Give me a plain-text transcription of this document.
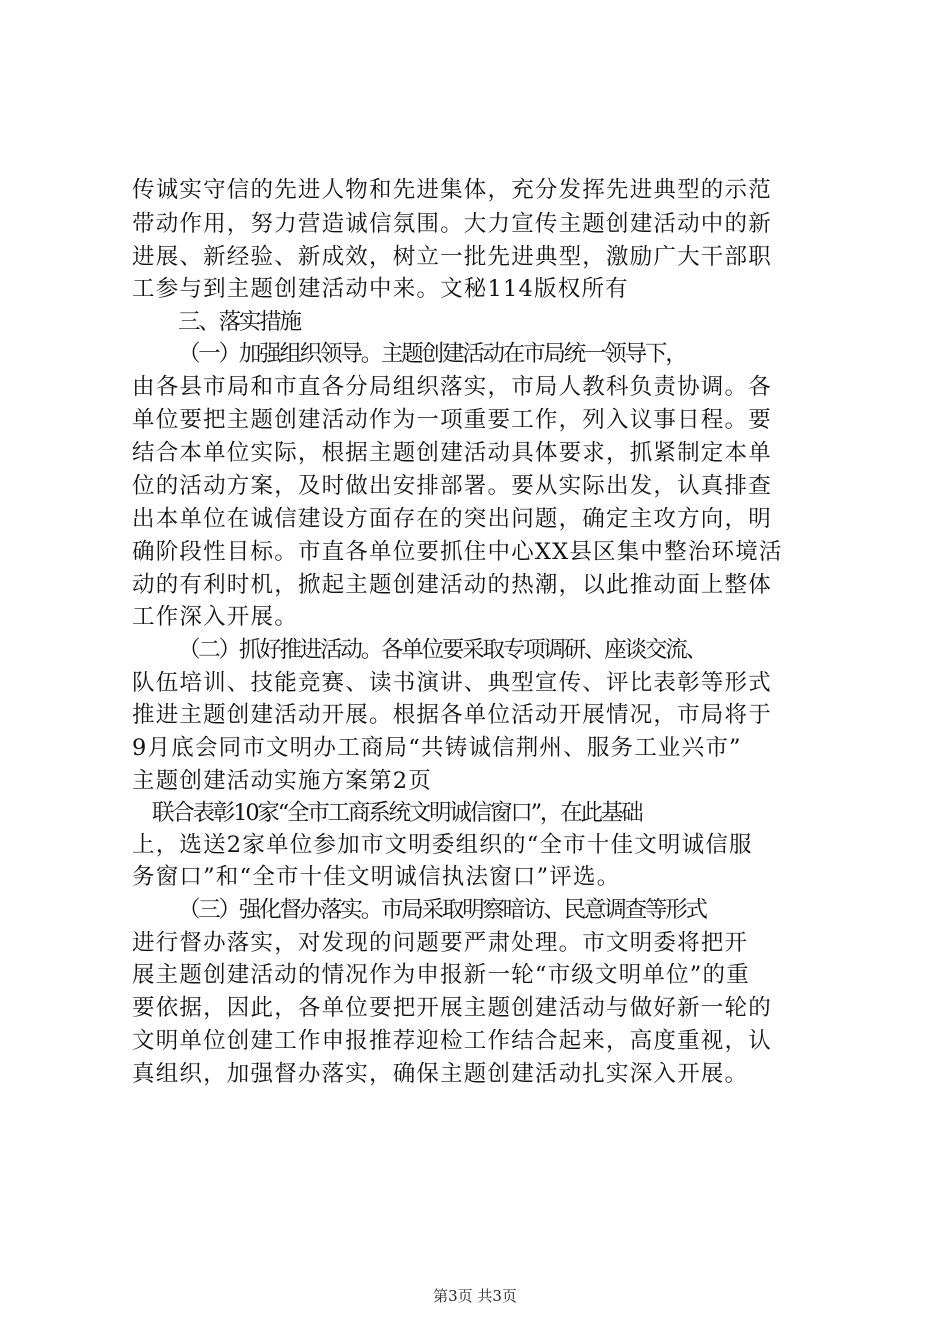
传诚实守信的先进人物和先进集体，充分发挥先进典型的示范
带动作用，努力营造诚信氛围。大力宣传主题创建活动中的新
进展、新经验、新成效，树立一批先进典型，激励广大干部职
工参与到主题创建活动中来。文秘114版权所有
三、落实措施
（一）加强组织领导。主题创建活动在市局统一领导下，
由各县市局和市直各分局组织落实，市局人教科负责协调。各
单位要把主题创建活动作为一项重要工作，列入议事日程。要
结合本单位实际，根据主题创建活动具体要求，抓紧制定本单
位的活动方案，及时做出安排部署。要从实际出发，认真排查
出本单位在诚信建设方面存在的突出问题，确定主攻方向，明
确阶段性目标。市直各单位要抓住中心XX县区集中整治环境活
动的有利时机，掀起主题创建活动的热潮，以此推动面上整体
工作深入开展。
（二）抓好推进活动。各单位要采取专项调研、座谈交流、
队伍培训、技能竞赛、读书演讲、典型宣传、评比表彰等形式
推进主题创建活动开展。根据各单位活动开展情况，市局将于
9月底会同市文明办工商局“共铸诚信荆州、服务工业兴市”
主题创建活动实施方案第2页
联合表彰10家“全市工商系统文明诚信窗口”，在此基础
上，选送2家单位参加市文明委组织的“全市十佳文明诚信服
务窗口”和“全市十佳文明诚信执法窗口”评选。
（三）强化督办落实。市局采取明察暗访、民意调查等形式
进行督办落实，对发现的问题要严肃处理。市文明委将把开
展主题创建活动的情况作为申报新一轮“市级文明单位”的重
要依据，因此，各单位要把开展主题创建活动与做好新一轮的
文明单位创建工作申报推荐迎检工作结合起来，高度重视，认
真组织，加强督办落实，确保主题创建活动扎实深入开展。
第3页 共3页
